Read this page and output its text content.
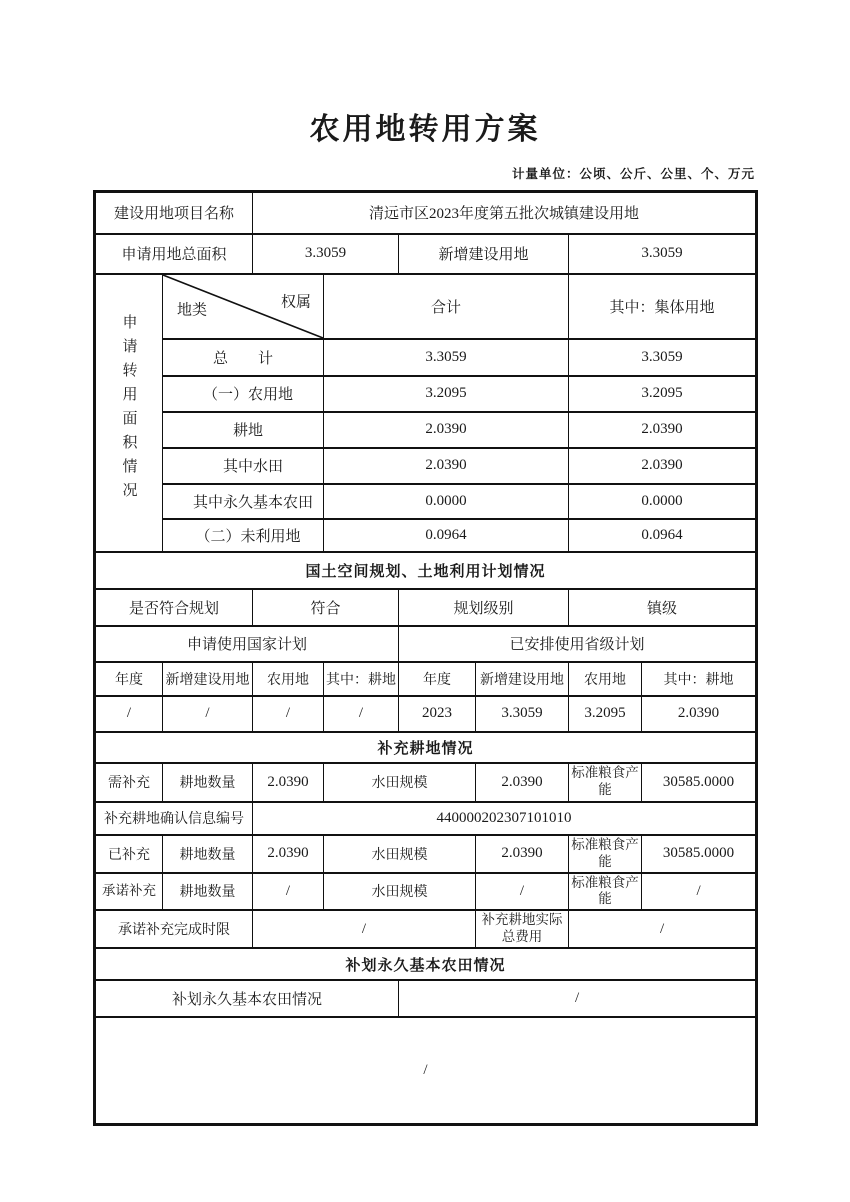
农用地转用方案
计量单位：公顷、公斤、公里、个、万元
建设用地项目名称		清远市区2023年度第五批次城镇建设用地					
申请用地总面积		3.3059		新增建设用地		3.3059	
申请转用面积情况	地类 权属		合计			其中：集体用地	
	总　　计		3.3059			3.3059	
	（一）农用地		3.2095			3.2095	
	耕地		2.0390			2.0390	
	其中水田		2.0390			2.0390	
	其中永久基本农田		0.0000			0.0000	
	（二）未利用地		0.0964			0.0964	
国土空间规划、土地利用计划情况							
是否符合规划		符合		规划级别		镇级	
申请使用国家计划				已安排使用省级计划			
年度	新增建设用地	农用地	其中：耕地	年度	新增建设用地	农用地	其中：耕地
/	/	/	/	2023	3.3059	3.2095	2.0390
补充耕地情况							
需补充	耕地数量	2.0390	水田规模		2.0390	标准粮食产能	30585.0000
补充耕地确认信息编号		440000202307101010					
已补充	耕地数量	2.0390	水田规模		2.0390	标准粮食产能	30585.0000
承诺补充	耕地数量	/	水田规模		/	标准粮食产能	/
承诺补充完成时限		/			补充耕地实际总费用	/	
补划永久基本农田情况							
补划永久基本农田情况				/			
/							
